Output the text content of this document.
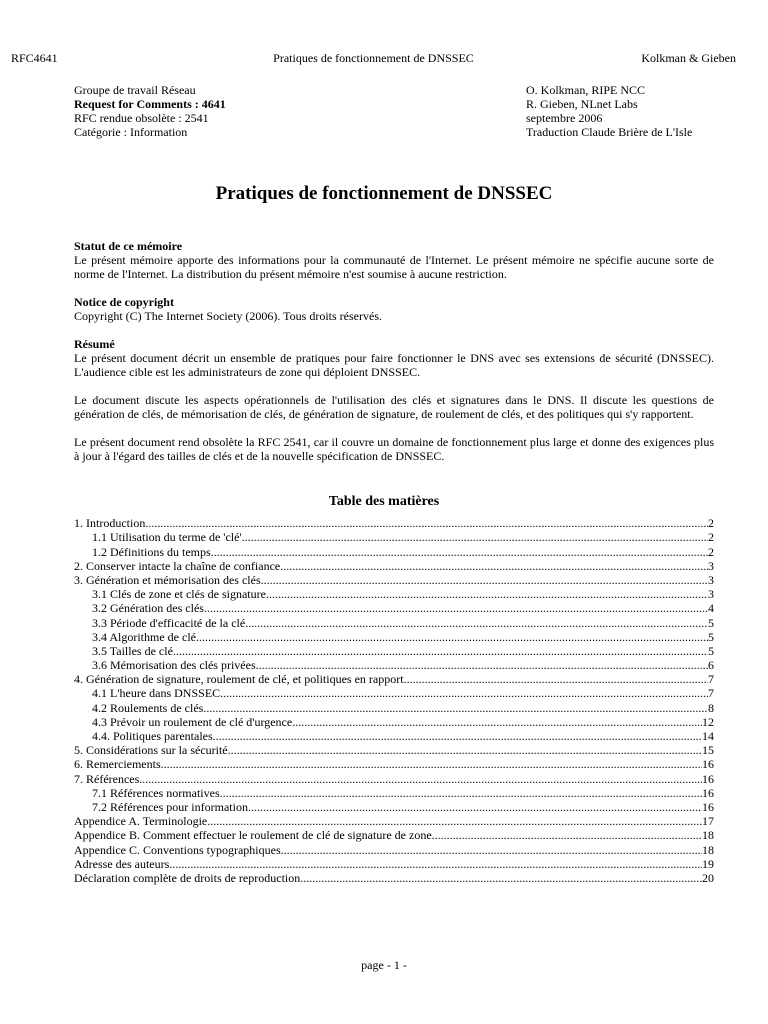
RFC4641	Pratiques de fonctionnement de DNSSEC	Kolkman & Gieben
Groupe de travail Réseau
Request for Comments : 4641
RFC rendue obsolète : 2541
Catégorie : Information
O. Kolkman, RIPE NCC
R. Gieben, NLnet Labs
septembre 2006
Traduction Claude Brière de L'Isle
Pratiques de fonctionnement de DNSSEC
Statut de ce mémoire
Le présent mémoire apporte des informations pour la communauté de l'Internet. Le présent mémoire ne spécifie aucune sorte de norme de l'Internet. La distribution du présent mémoire n'est soumise à aucune restriction.
Notice de copyright
Copyright (C) The Internet Society (2006). Tous droits réservés.
Résumé
Le présent document décrit un ensemble de pratiques pour faire fonctionner le DNS avec ses extensions de sécurité (DNSSEC). L'audience cible est les administrateurs de zone qui déploient DNSSEC.
Le document discute les aspects opérationnels de l'utilisation des clés et signatures dans le DNS. Il discute les questions de génération de clés, de mémorisation de clés, de génération de signature, de roulement de clés, et des politiques qui s'y rapportent.
Le présent document rend obsolète la RFC 2541, car il couvre un domaine de fonctionnement plus large et donne des exigences plus à jour à l'égard des tailles de clés et de la nouvelle spécification de DNSSEC.
Table des matières
1. Introduction .....	2
1.1 Utilisation du terme de 'clé' .....	2
1.2 Définitions du temps .....	2
2. Conserver intacte la chaîne de confiance .....	3
3. Génération et mémorisation des clés .....	3
3.1 Clés de zone et clés de signature .....	3
3.2 Génération des clés .....	4
3.3 Période d'efficacité de la clé .....	5
3.4 Algorithme de clé .....	5
3.5 Tailles de clé .....	5
3.6 Mémorisation des clés privées .....	6
4. Génération de signature, roulement de clé, et politiques en rapport .....	7
4.1 L'heure dans DNSSEC .....	7
4.2 Roulements de clés .....	8
4.3 Prévoir un roulement de clé d'urgence .....	12
4.4. Politiques parentales .....	14
5. Considérations sur la sécurité .....	15
6. Remerciements .....	16
7. Références .....	16
7.1 Références normatives .....	16
7.2 Références pour information .....	16
Appendice A. Terminologie .....	17
Appendice B. Comment effectuer le roulement de clé de signature de zone .....	18
Appendice C. Conventions typographiques .....	18
Adresse des auteurs .....	19
Déclaration complète de droits de reproduction .....	20
page - 1 -
